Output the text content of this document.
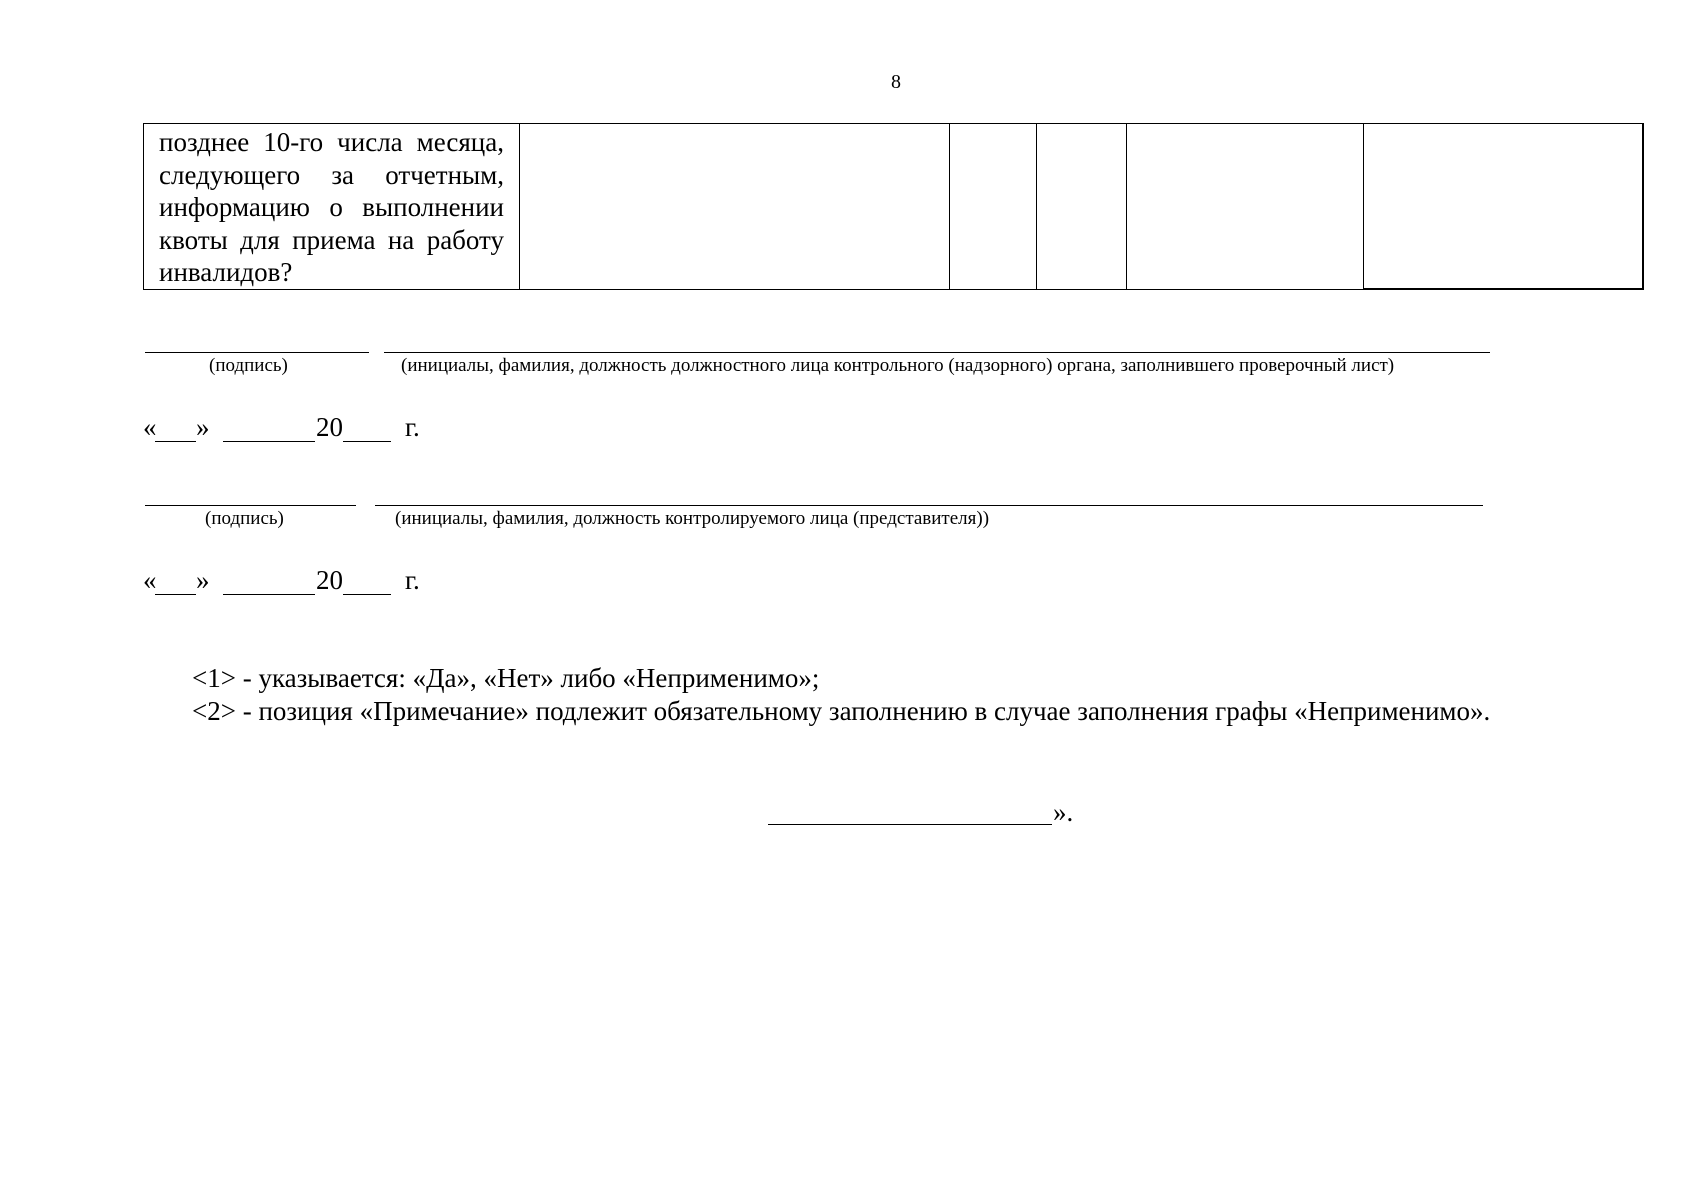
8
позднее 10-го числа месяца, следующего за отчетным, информацию о выполнении квоты для приема на работу инвалидов?					
(подпись)	(инициалы, фамилия, должность должностного лица контрольного (надзорного) органа, заполнившего проверочный лист)
« »	20 г.
(подпись)	(инициалы, фамилия, должность контролируемого лица (представителя))
« »	20 г.
<1> - указывается: «Да», «Нет» либо «Неприменимо»;
<2> - позиция «Примечание» подлежит обязательному заполнению в случае заполнения графы «Неприменимо».
».
